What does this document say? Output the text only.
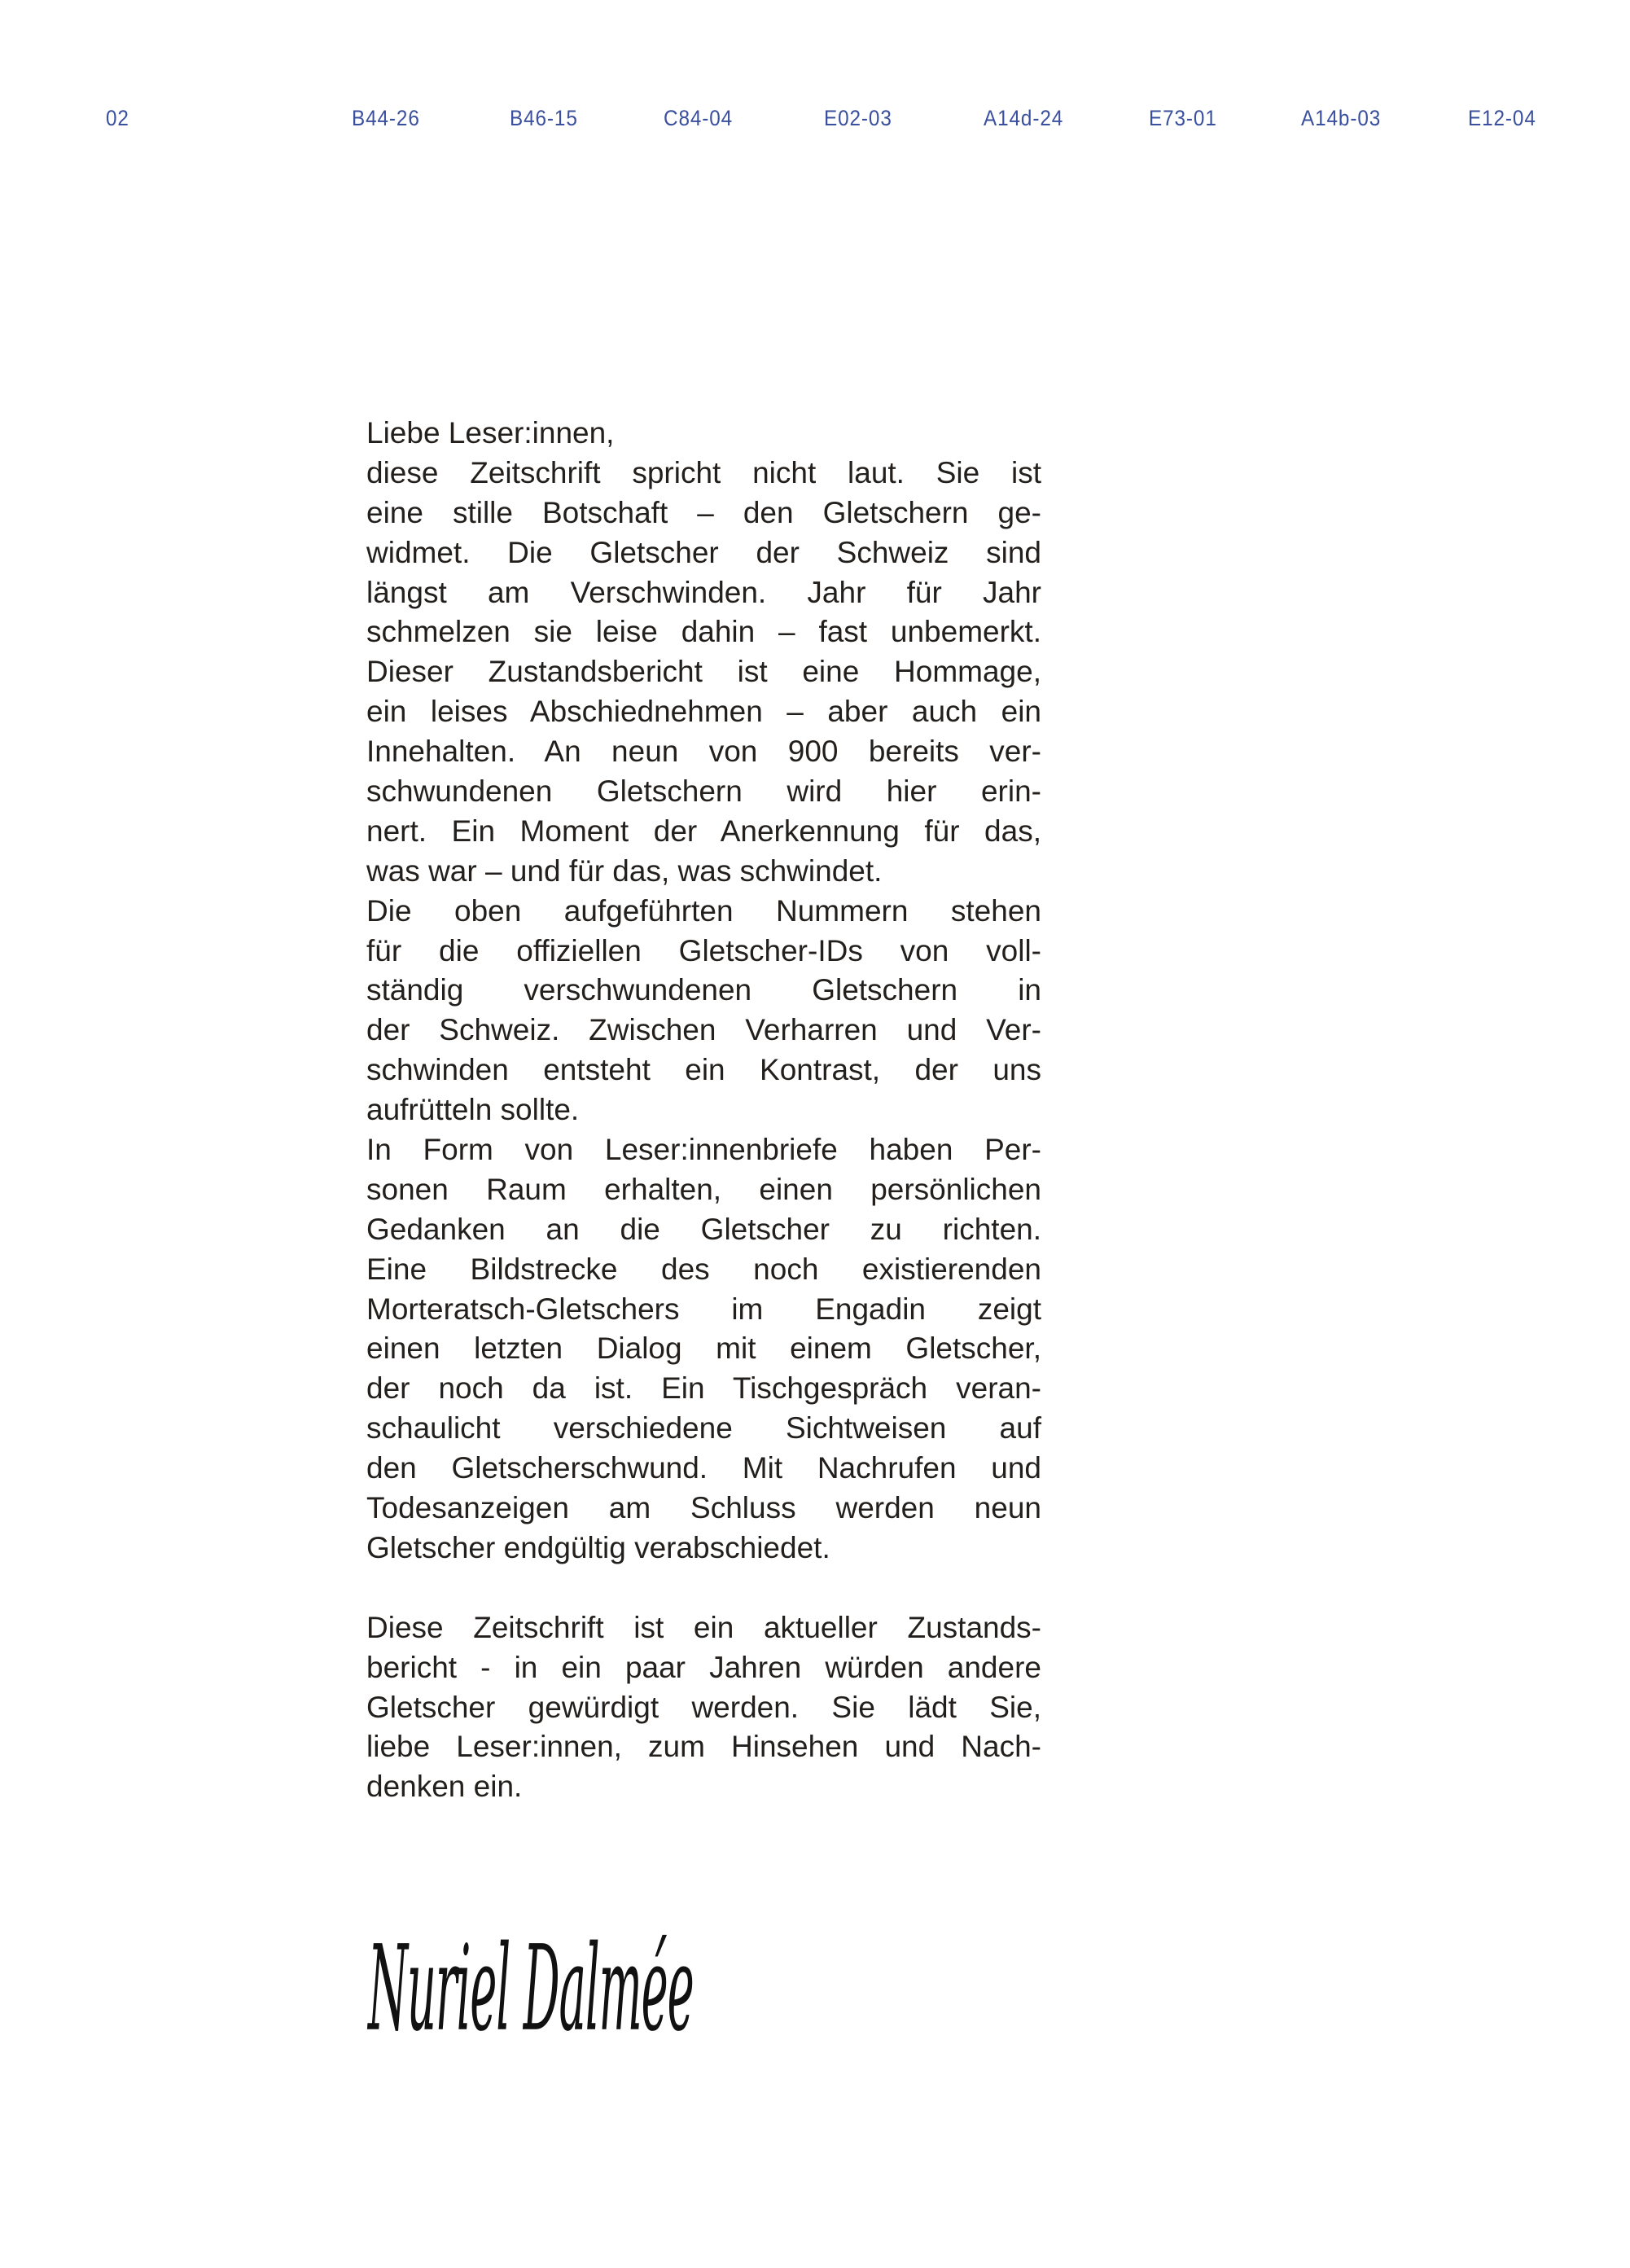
02	B44-26	B46-15	C84-04	E02-03	A14d-24	E73-01	A14b-03	E12-04
Liebe Leser:innen,
diese Zeitschrift spricht nicht laut. Sie ist
eine stille Botschaft – den Gletschern ge-
widmet. Die Gletscher der Schweiz sind
längst am Verschwinden. Jahr für Jahr
schmelzen sie leise dahin – fast unbemerkt.
Dieser Zustandsbericht ist eine Hommage,
ein leises Abschiednehmen – aber auch ein
Innehalten. An neun von 900 bereits ver-
schwundenen Gletschern wird hier erin-
nert. Ein Moment der Anerkennung für das,
was war – und für das, was schwindet.
Die oben aufgeführten Nummern stehen
für die offiziellen Gletscher-IDs von voll-
ständig verschwundenen Gletschern in
der Schweiz. Zwischen Verharren und Ver-
schwinden entsteht ein Kontrast, der uns
aufrütteln sollte.
In Form von Leser:innenbriefe haben Per-
sonen Raum erhalten, einen persönlichen
Gedanken an die Gletscher zu richten.
Eine Bildstrecke des noch existierenden
Morteratsch-Gletschers im Engadin zeigt
einen letzten Dialog mit einem Gletscher,
der noch da ist. Ein Tischgespräch veran-
schaulicht verschiedene Sichtweisen auf
den Gletscherschwund. Mit Nachrufen und
Todesanzeigen am Schluss werden neun
Gletscher endgültig verabschiedet.
Diese Zeitschrift ist ein aktueller Zustands-
bericht - in ein paar Jahren würden andere
Gletscher gewürdigt werden. Sie lädt Sie,
liebe Leser:innen, zum Hinsehen und Nach-
denken ein.
Nuriel Dalmée
